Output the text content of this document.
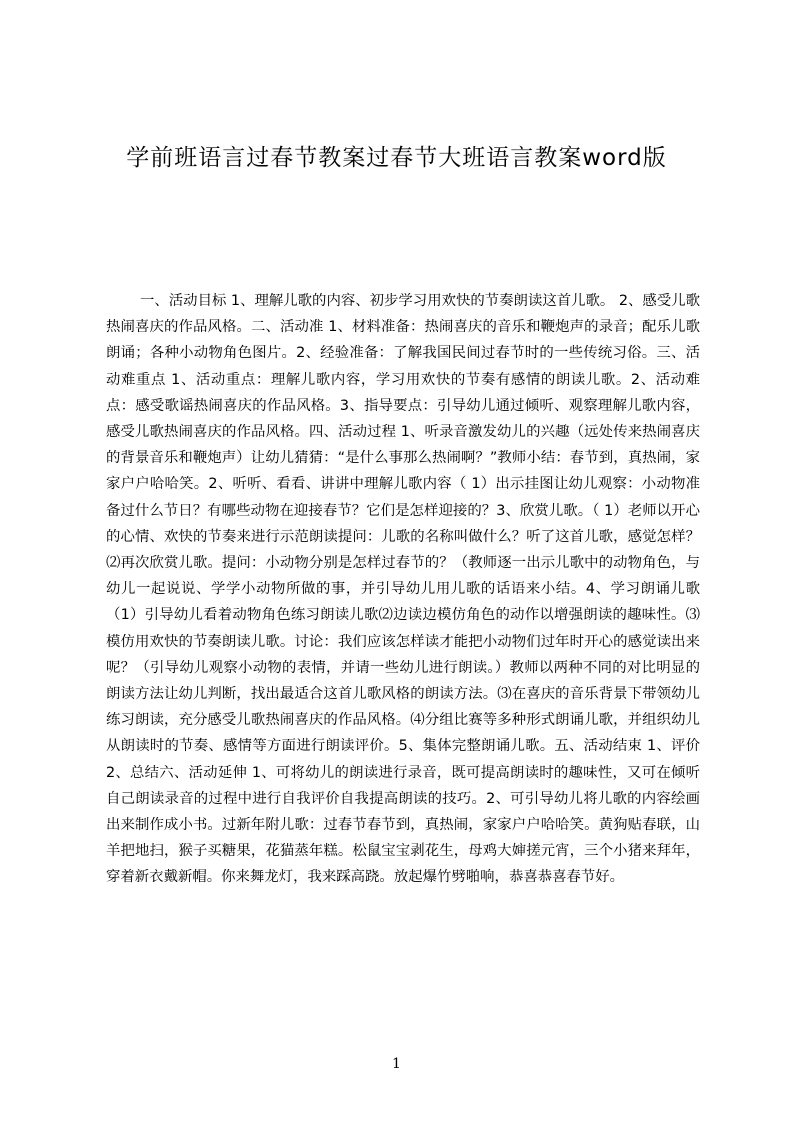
学前班语言过春节教案过春节大班语言教案word版

一、活动目标 1、理解儿歌的内容、初步学习用欢快的节奏朗读这首儿歌。 2、感受儿歌热闹喜庆的作品风格。二、活动准 1、材料准备：热闹喜庆的音乐和鞭炮声的录音；配乐儿歌朗诵；各种小动物角色图片。2、经验准备：了解我国民间过春节时的一些传统习俗。三、活动难重点 1、活动重点：理解儿歌内容，学习用欢快的节奏有感情的朗读儿歌。2、活动难点：感受歌谣热闹喜庆的作品风格。3、指导要点：引导幼儿通过倾听、观察理解儿歌内容，感受儿歌热闹喜庆的作品风格。四、活动过程 1、听录音激发幼儿的兴趣（远处传来热闹喜庆的背景音乐和鞭炮声）让幼儿猜猜：“是什么事那么热闹啊？”教师小结：春节到，真热闹，家家户户哈哈笑。2、听听、看看、讲讲中理解儿歌内容（ 1）出示挂图让幼儿观察：小动物准备过什么节日？有哪些动物在迎接春节？它们是怎样迎接的？3、欣赏儿歌。（ 1）老师以开心的心情、欢快的节奏来进行示范朗读提问：儿歌的名称叫做什么？听了这首儿歌，感觉怎样？⑵再次欣赏儿歌。提问：小动物分别是怎样过春节的？（教师逐一出示儿歌中的动物角色，与幼儿一起说说、学学小动物所做的事，并引导幼儿用儿歌的话语来小结。4、学习朗诵儿歌（1）引导幼儿看着动物角色练习朗读儿歌⑵边读边模仿角色的动作以增强朗读的趣味性。⑶模仿用欢快的节奏朗读儿歌。讨论：我们应该怎样读才能把小动物们过年时开心的感觉读出来呢？（引导幼儿观察小动物的表情，并请一些幼儿进行朗读。）教师以两种不同的对比明显的朗读方法让幼儿判断，找出最适合这首儿歌风格的朗读方法。⑶在喜庆的音乐背景下带领幼儿练习朗读，充分感受儿歌热闹喜庆的作品风格。⑷分组比赛等多种形式朗诵儿歌，并组织幼儿从朗读时的节奏、感情等方面进行朗读评价。5、集体完整朗诵儿歌。五、活动结束 1、评价 2、总结六、活动延伸 1、可将幼儿的朗读进行录音，既可提高朗读时的趣味性，又可在倾听自己朗读录音的过程中进行自我评价自我提高朗读的技巧。2、可引导幼儿将儿歌的内容绘画出来制作成小书。过新年附儿歌：过春节春节到，真热闹，家家户户哈哈笑。黄狗贴春联，山羊把地扫，猴子买糖果，花猫蒸年糕。松鼠宝宝剥花生，母鸡大婶搓元宵，三个小猪来拜年，穿着新衣戴新帽。你来舞龙灯，我来踩高跷。放起爆竹劈啪响，恭喜恭喜春节好。

1
